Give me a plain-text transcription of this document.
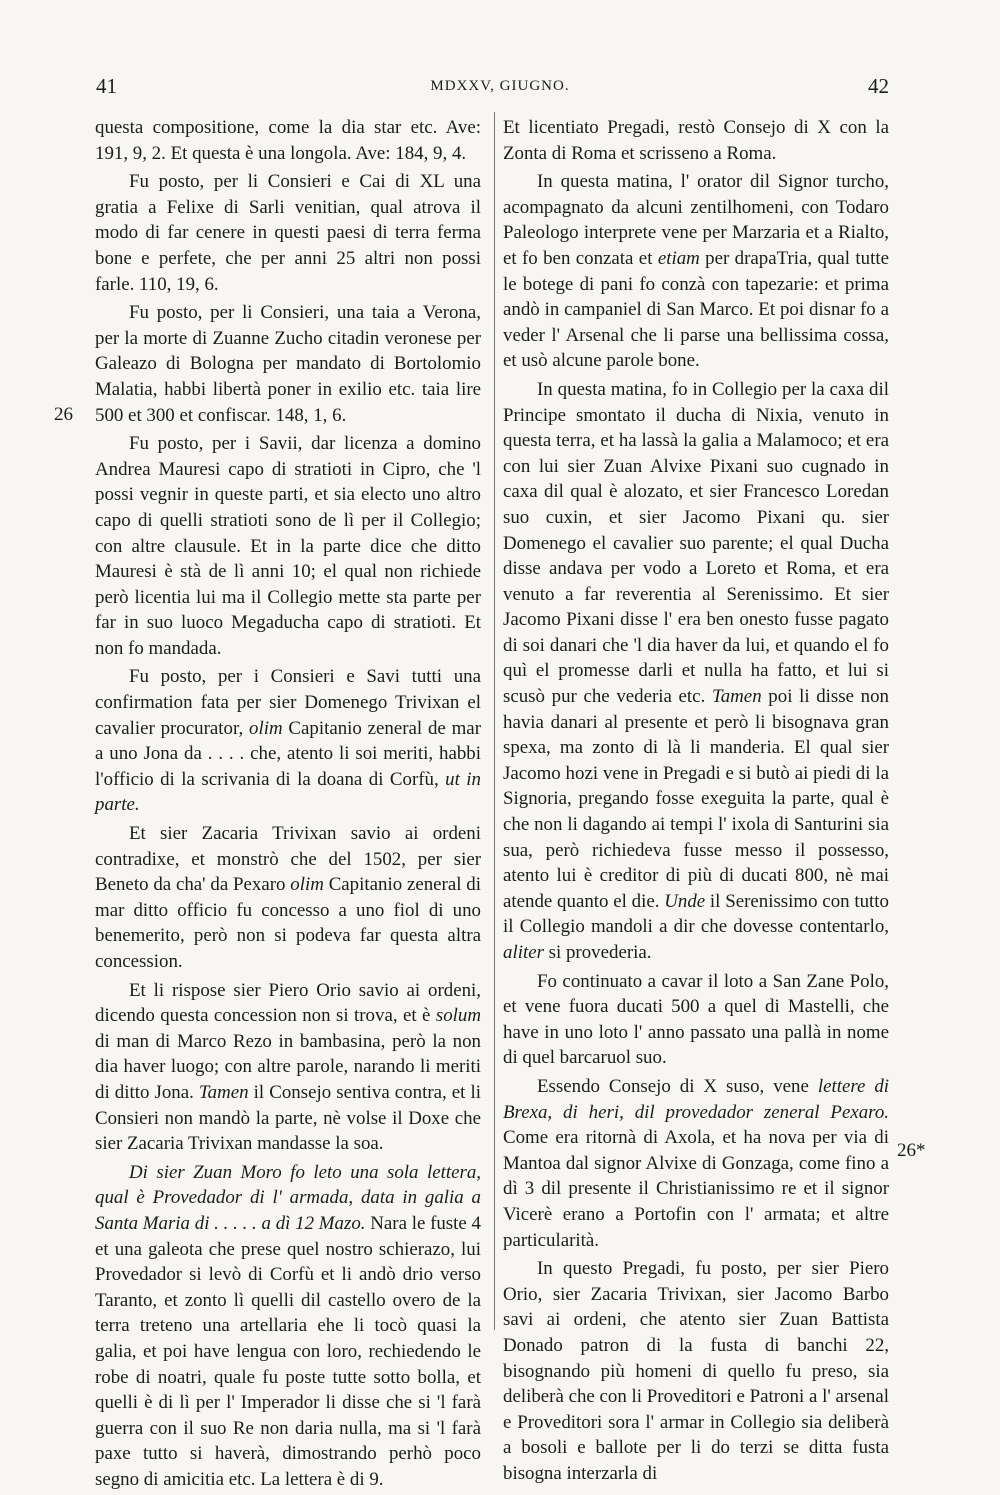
41	MDXXV, GIUGNO.	42
26
26*

questa compositione, come la dia star etc. Ave: 191, 9, 2. Et questa è una longola. Ave: 184, 9, 4.

Fu posto, per li Consieri e Cai di XL una gratia a Felixe di Sarli venitian, qual atrova il modo di far cenere in questi paesi di terra ferma bone e perfete, che per anni 25 altri non possi farle. 110, 19, 6.

Fu posto, per li Consieri, una taia a Verona, per la morte di Zuanne Zucho citadin veronese per Galeazo di Bologna per mandato di Bortolomio Malatia, habbi libertà poner in exilio etc. taia lire 500 et 300 et confiscar. 148, 1, 6.

Fu posto, per i Savii, dar licenza a domino Andrea Mauresi capo di stratioti in Cipro, che 'l possi vegnir in queste parti, et sia electo uno altro capo di quelli stratioti sono de lì per il Collegio; con altre clausule. Et in la parte dice che ditto Mauresi è stà de lì anni 10; el qual non richiede però licentia lui ma il Collegio mette sta parte per far in suo luoco Megaducha capo di stratioti. Et non fo mandada.

Fu posto, per i Consieri e Savi tutti una confirmation fata per sier Domenego Trivixan el cavalier procurator, olim Capitanio zeneral de mar a uno Jona da . . . . che, atento li soi meriti, habbi l'officio di la scrivania di la doana di Corfù, ut in parte.

Et sier Zacaria Trivixan savio ai ordeni contradixe, et monstrò che del 1502, per sier Beneto da cha' da Pexaro olim Capitanio zeneral di mar ditto officio fu concesso a uno fiol di uno benemerito, però non si podeva far questa altra concession.

Et li rispose sier Piero Orio savio ai ordeni, dicendo questa concession non si trova, et è solum di man di Marco Rezo in bambasina, però la non dia haver luogo; con altre parole, narando li meriti di ditto Jona. Tamen il Consejo sentiva contra, et li Consieri non mandò la parte, nè volse il Doxe che sier Zacaria Trivixan mandasse la soa.

Di sier Zuan Moro fo leto una sola lettera, qual è Provedador di l' armada, data in galia a Santa Maria di . . . . . a dì 12 Mazo. Nara le fuste 4 et una galeota che prese quel nostro schierazo, lui Provedador si levò di Corfù et li andò drio verso Taranto, et zonto lì quelli dil castello overo de la terra treteno una artellaria ehe li tocò quasi la galia, et poi have lengua con loro, rechiedendo le robe di noatri, quale fu poste tutte sotto bolla, et quelli è di lì per l' Imperador li disse che si 'l farà guerra con il suo Re non daria nulla, ma si 'l farà paxe tutto si haverà, dimostrando perhò poco segno di amicitia etc. La lettera è di 9.

Et licentiato Pregadi, restò Consejo di X con la Zonta di Roma et scrisseno a Roma.

In questa matina, l' orator dil Signor turcho, acompagnato da alcuni zentilhomeni, con Todaro Paleologo interprete vene per Marzaria et a Rialto, et fo ben conzata et etiam per drapaTria, qual tutte le botege di pani fo conzà con tapezarie: et prima andò in campaniel di San Marco. Et poi disnar fo a veder l' Arsenal che li parse una bellissima cossa, et usò alcune parole bone.

In questa matina, fo in Collegio per la caxa dil Principe smontato il ducha di Nixia, venuto in questa terra, et ha lassà la galia a Malamoco; et era con lui sier Zuan Alvixe Pixani suo cugnado in caxa dil qual è alozato, et sier Francesco Loredan suo cuxin, et sier Jacomo Pixani qu. sier Domenego el cavalier suo parente; el qual Ducha disse andava per vodo a Loreto et Roma, et era venuto a far reverentia al Serenissimo. Et sier Jacomo Pixani disse l' era ben onesto fusse pagato di soi danari che 'l dia haver da lui, et quando el fo quì el promesse darli et nulla ha fatto, et lui si scusò pur che vederia etc. Tamen poi li disse non havia danari al presente et però li bisognava gran spexa, ma zonto di là li manderia. El qual sier Jacomo hozi vene in Pregadi e si butò ai piedi di la Signoria, pregando fosse exeguita la parte, qual è che non li dagando ai tempi l' ixola di Santurini sia sua, però richiedeva fusse messo il possesso, atento lui è creditor di più di ducati 800, nè mai atende quanto el die. Unde il Serenissimo con tutto il Collegio mandoli a dir che dovesse contentarlo, aliter si provederia.

Fo continuato a cavar il loto a San Zane Polo, et vene fuora ducati 500 a quel di Mastelli, che have in uno loto l' anno passato una pallà in nome di quel barcaruol suo.

Essendo Consejo di X suso, vene lettere di Brexa, di heri, dil provedador zeneral Pexaro. Come era ritornà di Axola, et ha nova per via di Mantoa dal signor Alvixe di Gonzaga, come fino a dì 3 dil presente il Christianissimo re et il signor Vicerè erano a Portofin con l' armata; et altre particularità.

In questo Pregadi, fu posto, per sier Piero Orio, sier Zacaria Trivixan, sier Jacomo Barbo savi ai ordeni, che atento sier Zuan Battista Donado patron di la fusta di banchi 22, bisognando più homeni di quello fu preso, sia deliberà che con li Proveditori e Patroni a l' arsenal e Proveditori sora l' armar in Collegio sia deliberà a bosoli e ballote per li do terzi se ditta fusta bisogna interzarla di
